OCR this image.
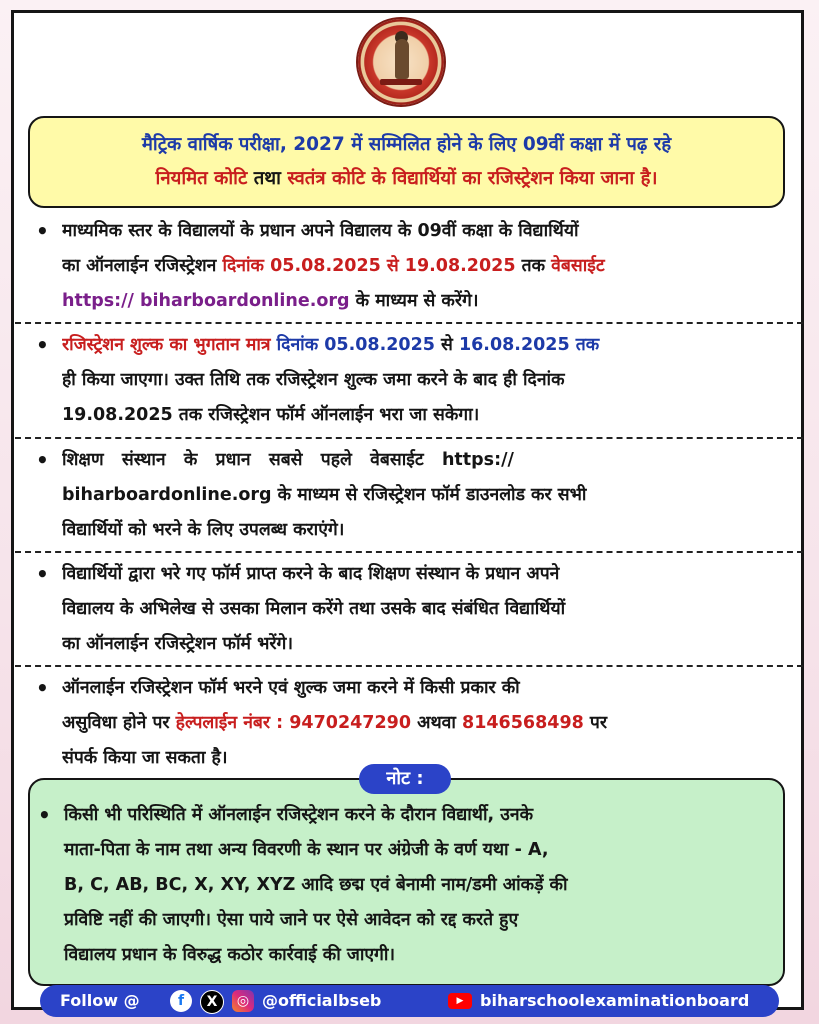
मैट्रिक वार्षिक परीक्षा, 2027 में सम्मिलित होने के लिए 09वीं कक्षा में पढ़ रहे
नियमित कोटि तथा स्वतंत्र कोटि के विद्यार्थियों का रजिस्ट्रेशन किया जाना है।
• माध्यमिक स्तर के विद्यालयों के प्रधान अपने विद्यालय के 09वीं कक्षा के विद्यार्थियों
का ऑनलाईन रजिस्ट्रेशन दिनांक 05.08.2025 से 19.08.2025 तक वेबसाईट
https:// biharboardonline.org के माध्यम से करेंगे।
• रजिस्ट्रेशन शुल्क का भुगतान मात्र दिनांक 05.08.2025 से 16.08.2025 तक
ही किया जाएगा। उक्त तिथि तक रजिस्ट्रेशन शुल्क जमा करने के बाद ही दिनांक
19.08.2025 तक रजिस्ट्रेशन फॉर्म ऑनलाईन भरा जा सकेगा।
• शिक्षण   संस्थान   के   प्रधान   सबसे   पहले   वेबसाईट   https://
biharboardonline.org के माध्यम से रजिस्ट्रेशन फॉर्म डाउनलोड कर सभी
विद्यार्थियों को भरने के लिए उपलब्ध कराएंगे।
• विद्यार्थियों द्वारा भरे गए फॉर्म प्राप्त करने के बाद शिक्षण संस्थान के प्रधान अपने
विद्यालय के अभिलेख से उसका मिलान करेंगे तथा उसके बाद संबंधित विद्यार्थियों
का ऑनलाईन रजिस्ट्रेशन फॉर्म भरेंगे।
• ऑनलाईन रजिस्ट्रेशन फॉर्म भरने एवं शुल्क जमा करने में किसी प्रकार की
असुविधा होने पर हेल्पलाईन नंबर : 9470247290 अथवा 8146568498 पर
संपर्क किया जा सकता है।
• किसी भी परिस्थिति में ऑनलाईन रजिस्ट्रेशन करने के दौरान विद्यार्थी, उनके
माता-पिता के नाम तथा अन्य विवरणी के स्थान पर अंग्रेजी के वर्ण यथा - A,
B, C, AB, BC, X, XY, XYZ आदि छद्म एवं बेनामी नाम/डमी आंकड़ें की
प्रविष्टि नहीं की जाएगी। ऐसा पाये जाने पर ऐसे आवेदन को रद्द करते हुए
विद्यालय प्रधान के विरुद्ध कठोर कार्रवाई की जाएगी।
नोट :
Follow @	f	X	◎ @officialbseb	▶	biharschoolexaminationboard
